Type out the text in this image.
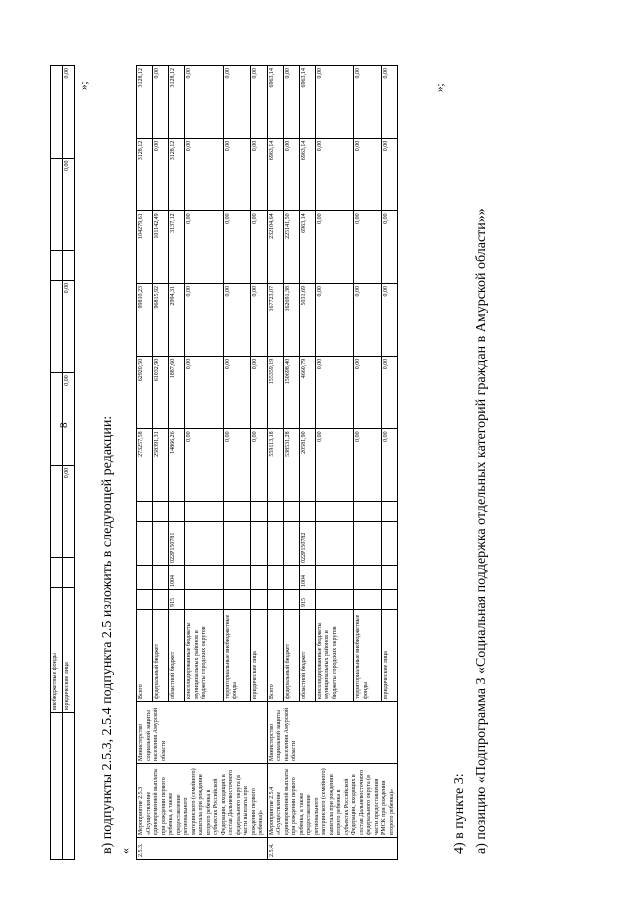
8
	внебюджетные фонды							
	юридические лица		0,00	0,00	0,00		0,00	0,00
»;
в) подпункты 2.5.3, 2.5.4 подпункта 2.5 изложить в следующей редакции: « 2.5.3.	Мероприятие 2.5.3 «Осуществление единовременной выплаты при рождении первого ребенка, а также предоставление регионального материнского (семейного) капитала при рождении второго ребенка в субъектах Российской Федерации, входящих в состав Дальневосточного федерального округа (в части выплаты при рождении первого ребенка)»	Министерство социальной защиты населения Амурской области	Всего					273257,58	62920,50	99810,23	104279,61	3128,12	3128,12
			федеральный бюджет					258391,31	61032,90	96815,92	101142,49	0,00	0,00
			областной бюджет	915	1004	022P150781		14866,26	1887,60	2994,31	3137,12	3128,12	3128,12
			консолидированные бюджеты муниципальных районов и бюджеты городских округов					0,00	0,00	0,00	0,00	0,00	0,00
			территориальные внебюджетные фонды					0,00	0,00	0,00	0,00	0,00	0,00
			юридические лица					0,00	0,00	0,00	0,00	0,00	0,00
2.5.4.	Мероприятие 2.5.4 «Осуществление единовременной выплаты при рождении первого ребенка, а также предоставление регионального материнского (семейного) капитала при рождении второго ребенка в субъектах Российской Федерации, входящих в состав Дальневосточного федерального округа (в части предоставления РМСК при рождении второго ребенка)»	Министерство социальной защиты населения Амурской области	Всего					559113,18	155359,19	167723,07	232104,64	6963,14	6963,14
			федеральный бюджет					538531,28	150698,40	162691,38	225141,50	0,00	0,00
			областной бюджет	915	1004	022P150782		20581,90	4660,79	5031,69	6963,14	6963,14	6963,14
			консолидированные бюджеты муниципальных районов и бюджеты городских округов					0,00	0,00	0,00	0,00	0,00	0,00
			территориальные внебюджетные фонды					0,00	0,00	0,00	0,00	0,00	0,00
			юридические лица					0,00	0,00	0,00	0,00	0,00	0,00
»;
4) в пункте 3: а) позицию «Подпрограмма 3 «Социальная поддержка отдельных категорий граждан в Амурской области»»
